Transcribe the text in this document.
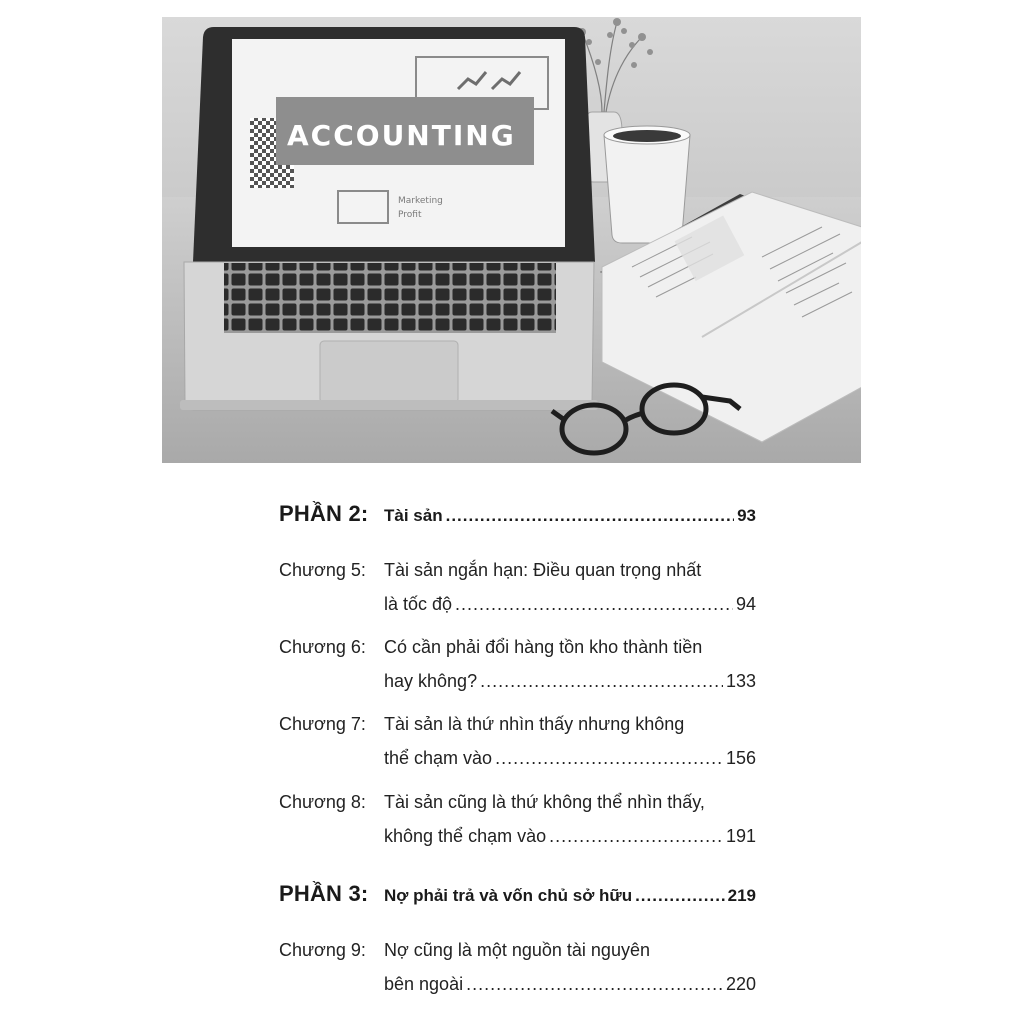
ACCOUNTING
Marketing
Profit
PHẦN 2: Tài sản .....	93
Chương 5: Tài sản ngắn hạn: Điều quan trọng nhất
là tốc độ .....	94
Chương 6: Có cần phải đổi hàng tồn kho thành tiền
hay không? .....	133
Chương 7: Tài sản là thứ nhìn thấy nhưng không
thể chạm vào .....	156
Chương 8: Tài sản cũng là thứ không thể nhìn thấy,
không thể chạm vào .....	191
PHẦN 3: Nợ phải trả và vốn chủ sở hữu .....	219
Chương 9: Nợ cũng là một nguồn tài nguyên
bên ngoài .....	220
